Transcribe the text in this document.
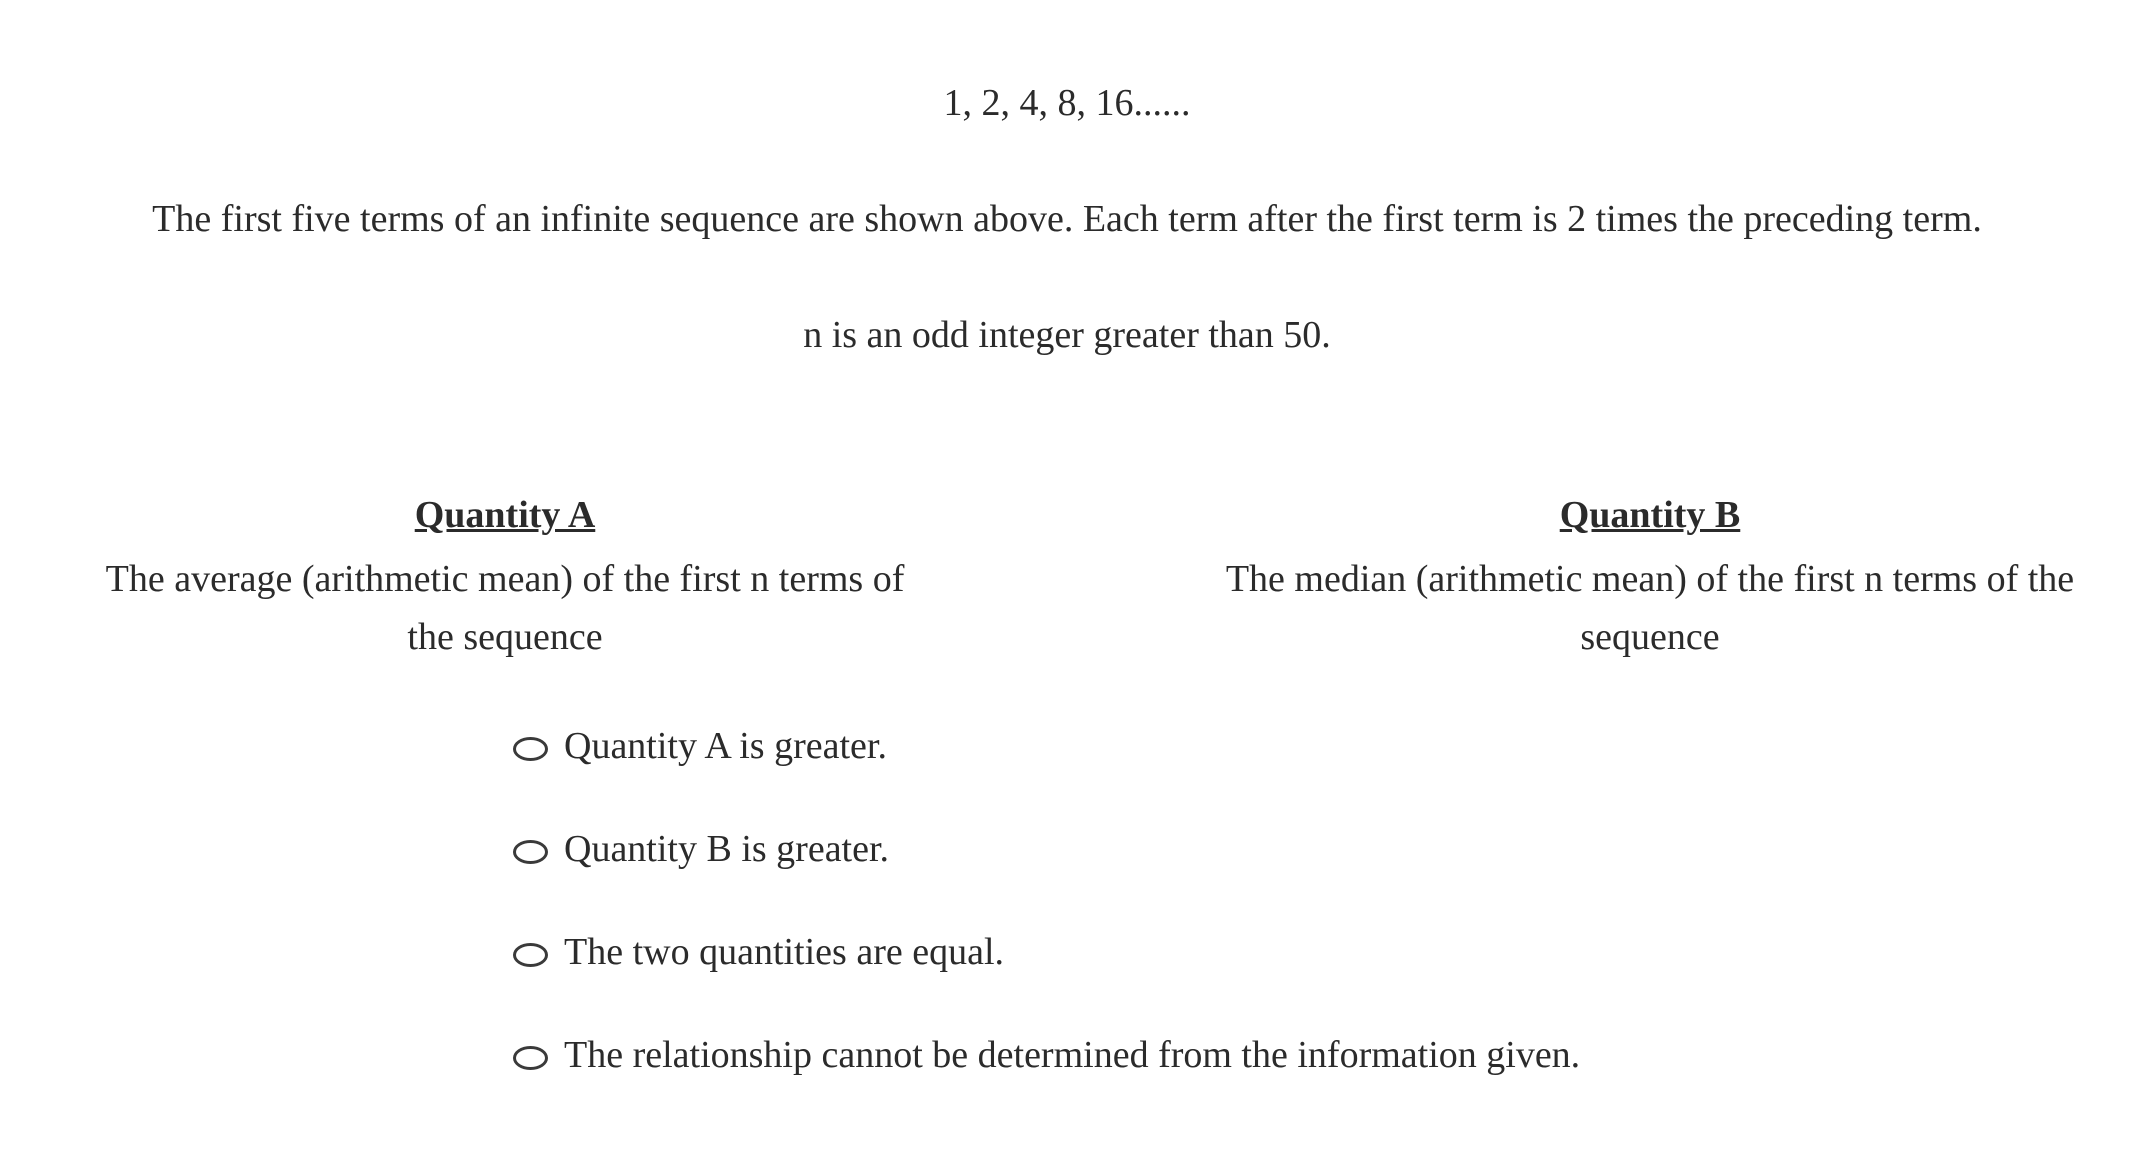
1, 2, 4, 8, 16......
The first five terms of an infinite sequence are shown above. Each term after the first term is 2 times the preceding term.
n is an odd integer greater than 50.
Quantity A
The average (arithmetic mean) of the first n terms of the sequence
Quantity B
The median (arithmetic mean) of the first n terms of the sequence
Quantity A is greater.
Quantity B is greater.
The two quantities are equal.
The relationship cannot be determined from the information given.
